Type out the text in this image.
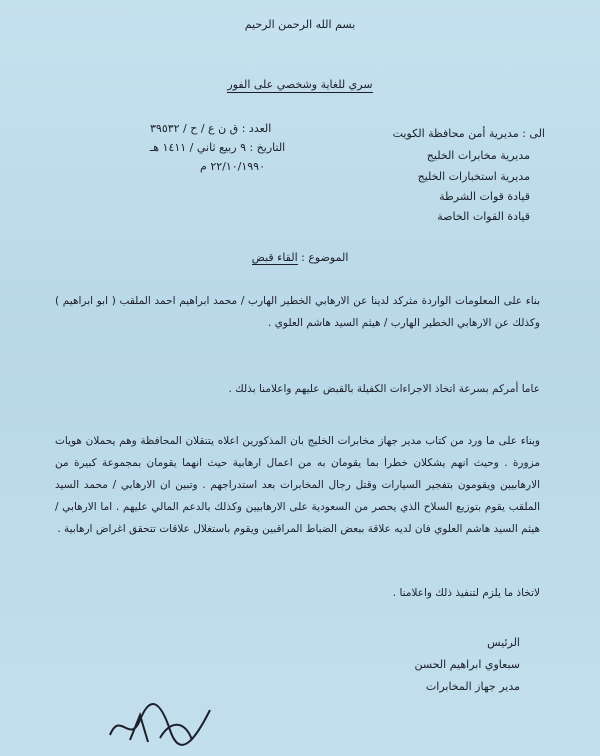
بسم الله الرحمن الرحيم
سري للغاية وشخصي على الفور
العدد : ق ن ع / ح / ٣٩٥٣٢
التاريخ : ٩ ربيع ثاني / ١٤١١ هـ
٢٢/١٠/١٩٩٠ م
الى : مديرية أمن محافظة الكويت
مديرية مخابرات الخليج
مديرية استخبارات الخليج
قيادة قوات الشرطة
قيادة القوات الخاصة
الموضوع : القاء قبض
بناء على المعلومات الواردة مثركد لدينا عن الارهابي الخطير الهارب / محمد ابراهيم احمد الملقب ( ابو ابراهيم ) وكذلك عن الارهابي الخطير الهارب / هيثم السيد هاشم العلوي .
عاما أمركم بسرعة اتخاذ الاجراءات الكفيلة بالقبض عليهم واعلامنا بذلك .
وبناء على ما ورد من كتاب مدير جهاز مخابرات الخليج بان المذكورين اعلاه يتنقلان المحافظة وهم يحملان هويات مزورة . وحيث انهم يشكلان خطرا بما يقومان به من اعمال ارهابية حيث انهما يقومان بمجموعة كبيرة من الارهابيين ويقومون بتفجير السيارات وقتل رجال المخابرات بعد استدراجهم . وتبين ان الارهابي / محمد السيد الملقب يقوم بتوزيع السلاح الذي يحصر من السعودية على الارهابيين وكذلك بالدعم المالي عليهم . اما الارهابي / هيثم السيد هاشم العلوي فان لديه علاقة ببعض الضباط المراقبين ويقوم باستغلال علاقات تتحقق اغراض ارهابية .
لاتخاذ ما يلزم لتنفيذ ذلك واعلامنا .
الرئيس
سبعاوي ابراهيم الحسن
مدير جهاز المخابرات
